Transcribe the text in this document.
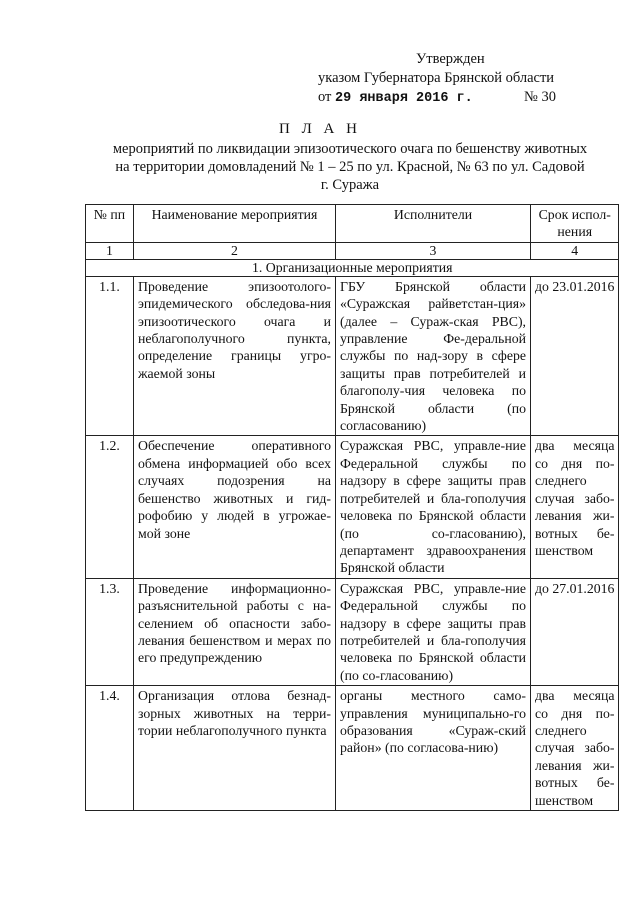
Утвержден
указом Губернатора Брянской области
от 29 января 2016 г.	№ 30
П Л А Н
мероприятий по ликвидации эпизоотического очага по бешенству животных
на территории домовладений № 1 – 25 по ул. Красной, № 63 по ул. Садовой
г. Суража
№ пп	Наименование мероприятия	Исполнители	Срок испол-нения
1	2	3	4
1. Организационные мероприятия			
1.1.	Проведение эпизоотолого-эпидемического обследова-ния эпизоотического очага и неблагополучного пункта, определение границы угро-жаемой зоны	ГБУ Брянской области «Суражская райветстан-ция» (далее – Сураж-ская РВС), управление Фе-деральной службы по над-зору в сфере защиты прав потребителей и благополу-чия человека по Брянской области (по согласованию)	до 23.01.2016
1.2.	Обеспечение оперативного обмена информацией обо всех случаях подозрения на бешенство животных и гид-рофобию у людей в угрожае-мой зоне	Суражская РВС, управле-ние Федеральной службы по надзору в сфере защиты прав потребителей и бла-гополучия человека по Брянской области (по со-гласованию), департамент здравоохранения Брянской области	два месяца со дня по-следнего случая забо-левания жи-вотных бе-шенством
1.3.	Проведение информационно-разъяснительной работы с на-селением об опасности забо-левания бешенством и мерах по его предупреждению	Суражская РВС, управле-ние Федеральной службы по надзору в сфере защиты прав потребителей и бла-гополучия человека по Брянской области (по со-гласованию)	до 27.01.2016
1.4.	Организация отлова безнад-зорных животных на терри-тории неблагополучного пункта	органы местного само-управления муниципально-го образования «Сураж-ский район» (по согласова-нию)	два месяца со дня по-следнего случая забо-левания жи-вотных бе-шенством
